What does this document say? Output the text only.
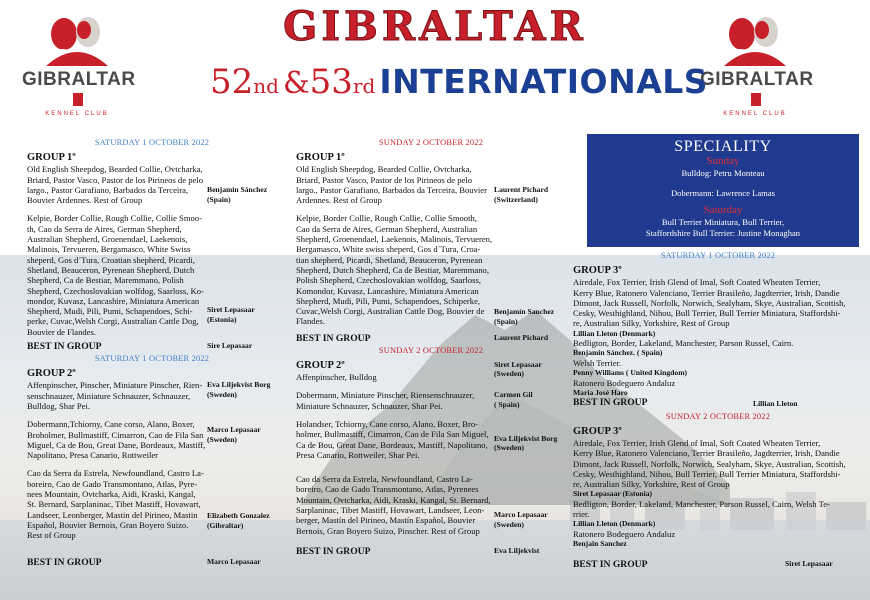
GIBRALTAR
KENNEL CLUB
GIBRALTAR
KENNEL CLUB
GIBRALTAR
52nd &53rd INTERNATIONALS
SATURDAY 1 OCTOBER 2022
GROUP 1º
Old English Sheepdog, Bearded Collie, Ovtcharka,
Briard, Pastor Vasco, Pastor de los Pirineos de pelo
largo., Pastor Garafiano, Barbados da Terceira,
Bouvier Ardennes. Rest of Group
Benjamin Sánchez
(Spain)
Kelpie, Border Collie, Rough Collie, Collie Smoo-
th, Cao da Serra de Aires, German Shepherd,
Australian Shepherd, Groenendael, Laekenois,
Malinois, Tervueren, Bergamasco, White Swiss
sheperd, Gos d´Tura, Croatian shepherd, Picardi,
Shetland, Beauceron, Pyrenean Shepherd, Dutch
Shepherd, Ca de Bestiar, Maremmano, Polish
Shepherd, Czechoslovakian wolfdog, Saarloss, Ko-
mondor, Kuvasz, Lancashire, Miniatura American
Shepherd, Mudi, Pili, Pumi, Schapendoes, Schi-
perke, Cuvac,Welsh Corgi, Australian Cattle Dog,
Bouvier de Flandes.
Siret Lepasaar
(Estonia)
BEST IN GROUP	Sire Lepasaar
SATURDAY 1 OCTOBER 2022
GROUP 2º
Affenpinscher, Pinscher, Miniature Pinscher, Rien-
senschnauzer, Miniature Schnauzer, Schnauzer,
Bulldog, Shar Pei.
Eva Liljekvist Borg
(Sweden)
Dobermann,Tchiorny, Cane corso, Alano, Boxer,
Broholmer, Bullmastiff, Cimarron, Cao de Fila San
Miguel, Ca de Bou, Great Dane, Bordeaux, Mastiff,
Napolitano, Presa Canario, Rottweiler
Marco Lepasaar
(Sweden)
Cao da Serra da Estrela, Newfoundland, Castro La-
boreiro, Cao de Gado Transmontano, Atlas, Pyre-
nees Mountain, Ovtcharka, Aidi, Kraski, Kangal,
St. Bernard, Sarplaninac, Tibet Mastiff, Hovawart,
Landseer, Leonberger, Mastin del Pirineo, Mastin
Español, Bouvier Bernois, Gran Boyero Suizo.
Rest of Group
Elizabeth Gonzalez
(Gibraltar)
BEST IN GROUP	Marco Lepasaar
SUNDAY 2 OCTOBER 2022
GROUP 1º
Old English Sheepdog, Bearded Collie, Ovtcharka,
Briard, Pastor Vasco, Pastor de los Pirineos de pelo
largo., Pastor Garafiano, Barbados da Terceira, Bouvier
Ardennes. Rest of Group
Laurent Pichard
(Switzerland)
Kelpie, Border Collie, Rough Collie, Collie Smooth,
Cao da Serra de Aires, German Shepherd, Australian
Shepherd, Groenendael, Laekenois, Malinois, Tervueren,
Bergamasco, White swiss sheperd, Gos d´Tura, Croa-
tian shepherd, Picardi, Shetland, Beauceron, Pyrenean
Shepherd, Dutch Shepherd, Ca de Bestiar, Maremmano,
Polish Shepherd, Czechoslovakian wolfdog, Saarloss,
Komondor, Kuvasz, Lancashire, Miniatura American
Shepherd, Mudi, Pili, Pumi, Schapendoes, Schiperke,
Cuvac,Welsh Corgi, Australian Cattle Dog, Bouvier de
Flandes.
Benjamín Sanchez
(Spain)
BEST IN GROUP	Laurent Pichard
SUNDAY 2 OCTOBER 2022
GROUP 2º
Affenpinscher, Bulldog
Siret Lepasaar
(Sweden)
Dobermann, Miniature Pinscher, Riensenschnauzer,
Miniature Schnauzer, Schnauzer, Shar Pei.
Carmen Gil
( Spain)
Holandser, Tchiorny, Cane corso, Alano, Boxer, Bro-
holmer, Bullmastiff, Cimarron, Cao de Fila San Miguel,
Ca de Bou, Great Dane, Bordeaux, Mastiff, Napolitano,
Presa Canario, Rottweiler, Shar Pei.
Eva Liljekvist Borg
(Sweden)
Cao da Serra da Estrela, Newfoundland, Castro La-
boreiro, Cao de Gado Transmontano, Atlas, Pyrenees
Mountain, Ovtcharka, Aidi, Kraski, Kangal, St. Bernard,
Sarplaninac, Tibet Mastiff, Hovawart, Landseer, Leon-
berger, Mastín del Pirineo, Mastín Español, Bouvier
Bernois, Gran Boyero Suizo, Pinscher. Rest of Group
Marco Lepasaar
(Sweden)
BEST IN GROUP	Eva Liljekvist
SPECIALITY
Sunday
Bulldog: Petru Monteau
Dobermann: Lawrence Lamas
Saturday
Bull Terrier Miniatura, Bull Terrier,
Staffordshire Bull Terrier: Justine Monaghan
SATURDAY 1 OCTOBER 2022
GROUP 3º
Airedale, Fox Terrier, Irish Glend of Imal, Soft Coated Wheaten Terrier,
Kerry Blue, Ratonero Valenciano, Terrier Brasileño, Jagdterrier, Irish, Dandie
Dimont, Jack Russell, Norfolk, Norwich, Sealyham, Skye, Australian, Scottish,
Cesky, Westhighland, Nihou, Bull Terrier, Bull Terrier Miniatura, Staffordshi-
re, Australian Silky, Yorkshire, Rest of Group
Lillian Lleton (Denmark)
Bedligton, Border, Lakeland, Manchester, Parson Russel, Cairn.
Benjamin Sánchez. ( Spain)
Welsh Terrier.
Penny Williams ( United Kingdom)
Ratonero Bodeguero Andaluz
Maria José Haro
BEST IN GROUP	Lillian Lleton
SUNDAY 2 OCTOBER 2022
GROUP 3º
Airedale, Fox Terrier, Irish Glend of Imal, Soft Coated Wheaten Terrier,
Kerry Blue, Ratonero Valenciano, Terrier Brasileño, Jagdterrier, Irish, Dandie
Dimont, Jack Russell, Norfolk, Norwich, Sealyham, Skye, Australian, Scottish,
Cesky, Westhighland, Nihou, Bull Terrier, Bull Terrier Miniatura, Staffordshi-
re, Australian Silky, Yorkshire, Rest of Group
Siret Lepasaar (Estonia)
Bedligton, Border, Lakeland, Manchester, Parson Russel, Cairn, Welsh Te-
rrier.
Lillian Lleton (Denmark)
Ratonero Bodeguero Andaluz
Benjain Sanchez
BEST IN GROUP	Siret Lepasaar
